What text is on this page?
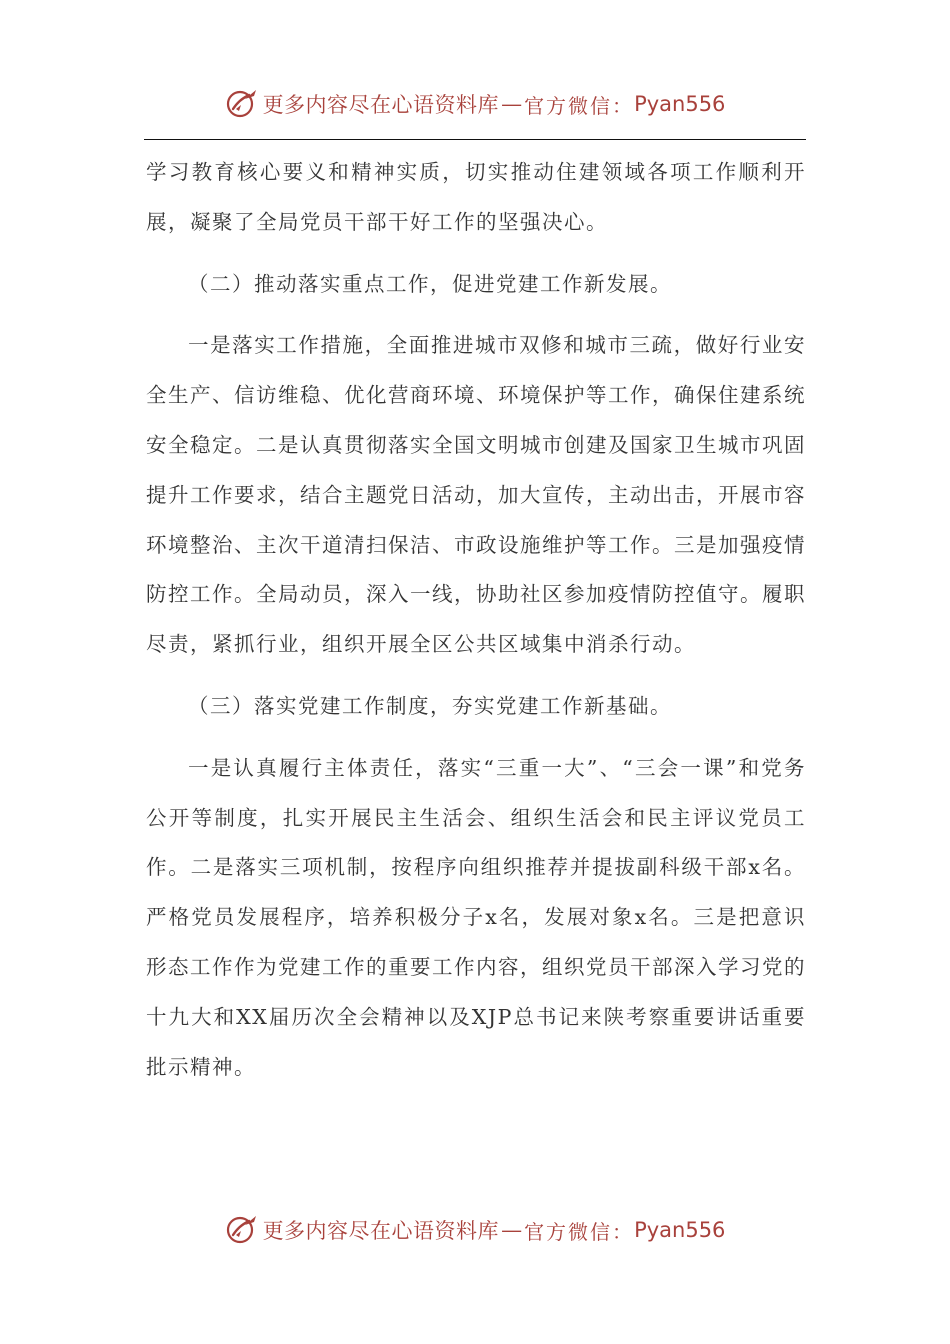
更多内容尽在心语资料库 — 官方微信： Pyan556

学习教育核心要义和精神实质，切实推动住建领域各项工作顺利开展，凝聚了全局党员干部干好工作的坚强决心。

（二）推动落实重点工作，促进党建工作新发展。

一是落实工作措施，全面推进城市双修和城市三疏，做好行业安全生产、信访维稳、优化营商环境、环境保护等工作，确保住建系统安全稳定。二是认真贯彻落实全国文明城市创建及国家卫生城市巩固提升工作要求，结合主题党日活动，加大宣传，主动出击，开展市容环境整治、主次干道清扫保洁、市政设施维护等工作。三是加强疫情防控工作。全局动员，深入一线，协助社区参加疫情防控值守。履职尽责，紧抓行业，组织开展全区公共区域集中消杀行动。

（三）落实党建工作制度，夯实党建工作新基础。

一是认真履行主体责任，落实“三重一大”、“三会一课”和党务公开等制度，扎实开展民主生活会、组织生活会和民主评议党员工作。二是落实三项机制，按程序向组织推荐并提拔副科级干部x名。严格党员发展程序，培养积极分子x名，发展对象x名。三是把意识形态工作作为党建工作的重要工作内容，组织党员干部深入学习党的十九大和XX届历次全会精神以及XJP总书记来陕考察重要讲话重要批示精神。

更多内容尽在心语资料库 — 官方微信： Pyan556
